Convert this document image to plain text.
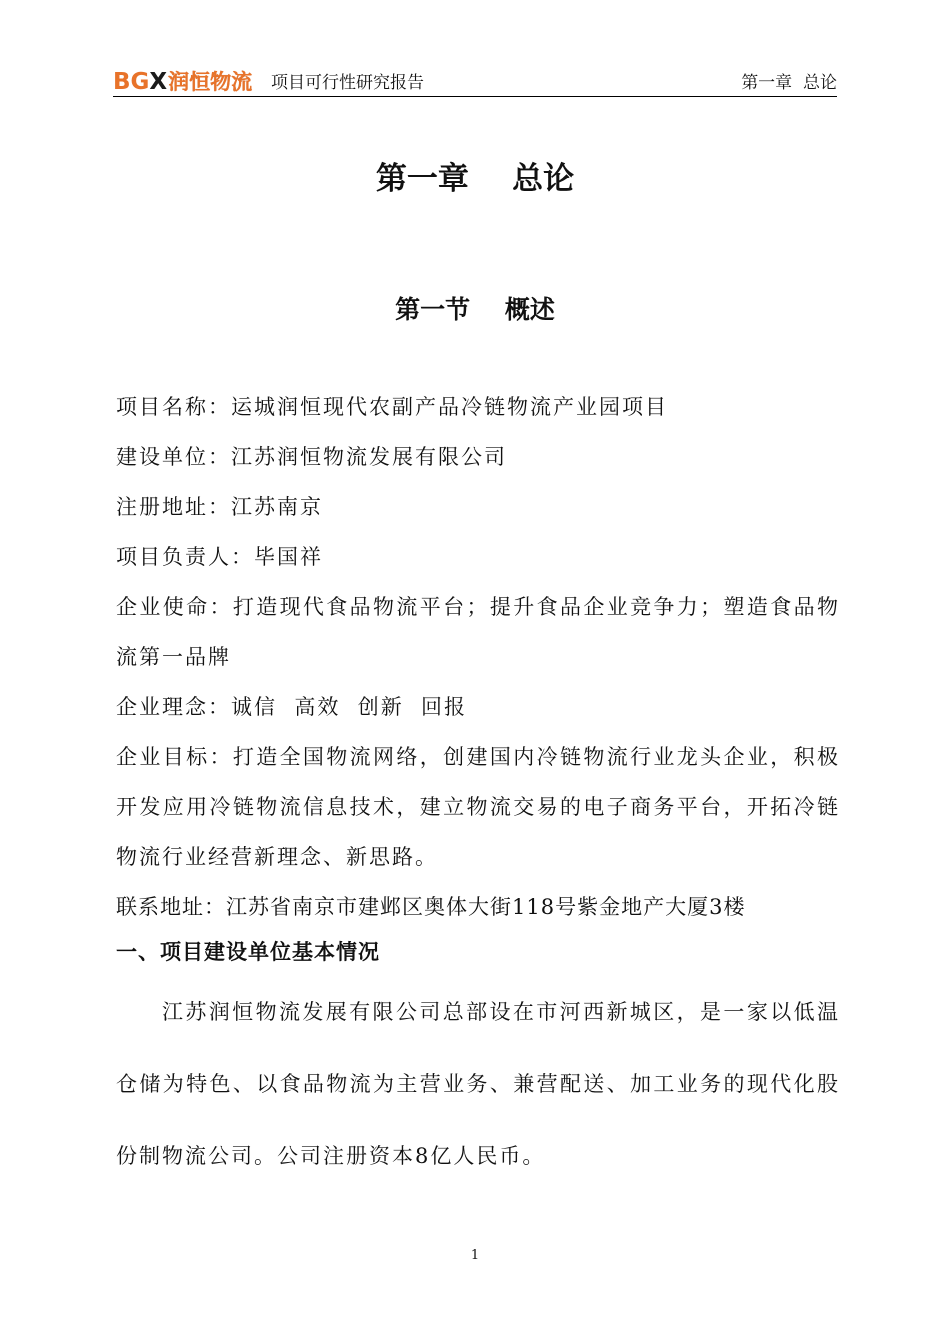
BGX 润恒物流 项目可行性研究报告	第一章  总论
第一章    总论
第一节    概述

项目名称：运城润恒现代农副产品冷链物流产业园项目

建设单位：江苏润恒物流发展有限公司

注册地址：江苏南京

项目负责人：毕国祥

企业使命：打造现代食品物流平台；提升食品企业竞争力；塑造食品物流第一品牌

企业理念：诚信  高效  创新  回报

企业目标：打造全国物流网络，创建国内冷链物流行业龙头企业，积极开发应用冷链物流信息技术，建立物流交易的电子商务平台，开拓冷链物流行业经营新理念、新思路。

联系地址：江苏省南京市建邺区奥体大街118号紫金地产大厦3楼

一、项目建设单位基本情况

江苏润恒物流发展有限公司总部设在市河西新城区，是一家以低温仓储为特色、以食品物流为主营业务、兼营配送、加工业务的现代化股份制物流公司。公司注册资本8亿人民币。

1
